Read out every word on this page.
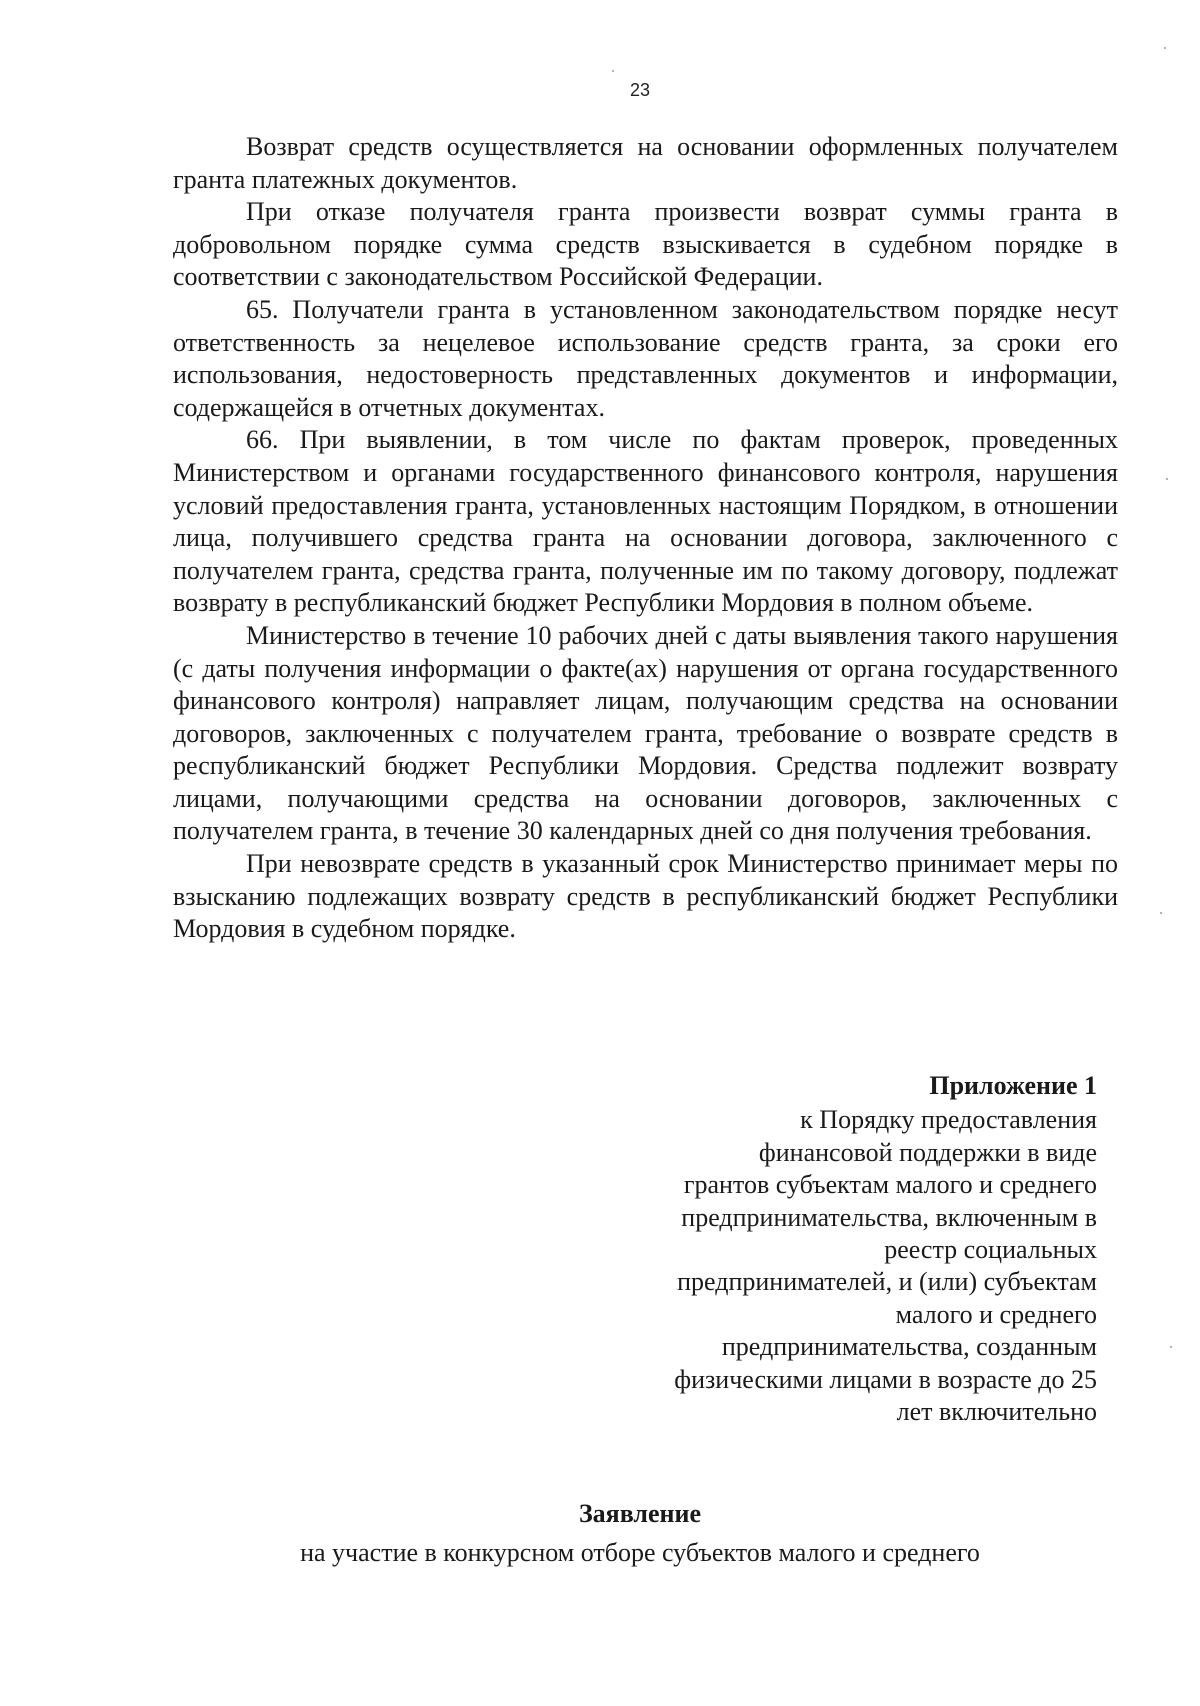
23

Возврат средств осуществляется на основании оформленных получателем гранта платежных документов.

При отказе получателя гранта произвести возврат суммы гранта в добровольном порядке сумма средств взыскивается в судебном порядке в соответствии с законодательством Российской Федерации.

65. Получатели гранта в установленном законодательством порядке несут ответственность за нецелевое использование средств гранта, за сроки его использования, недостоверность представленных документов и информации, содержащейся в отчетных документах.

66. При выявлении, в том числе по фактам проверок, проведенных Министерством и органами государственного финансового контроля, нарушения условий предоставления гранта, установленных настоящим Порядком, в отношении лица, получившего средства гранта на основании договора, заключенного с получателем гранта, средства гранта, полученные им по такому договору, подлежат возврату в республиканский бюджет Республики Мордовия в полном объеме.

Министерство в течение 10 рабочих дней с даты выявления такого нарушения (с даты получения информации о факте(ах) нарушения от органа государственного финансового контроля) направляет лицам, получающим средства на основании договоров, заключенных с получателем гранта, требование о возврате средств в республиканский бюджет Республики Мордовия. Средства подлежит возврату лицами, получающими средства на основании договоров, заключенных с получателем гранта, в течение 30 календарных дней со дня получения требования.

При невозврате средств в указанный срок Министерство принимает меры по взысканию подлежащих возврату средств в республиканский бюджет Республики Мордовия в судебном порядке.

Приложение 1
к Порядку предоставления
финансовой поддержки в виде
грантов субъектам малого и среднего
предпринимательства, включенным в
реестр социальных
предпринимателей, и (или) субъектам
малого и среднего
предпринимательства, созданным
физическими лицами в возрасте до 25
лет включительно
Заявление
на участие в конкурсном отборе субъектов малого и среднего
